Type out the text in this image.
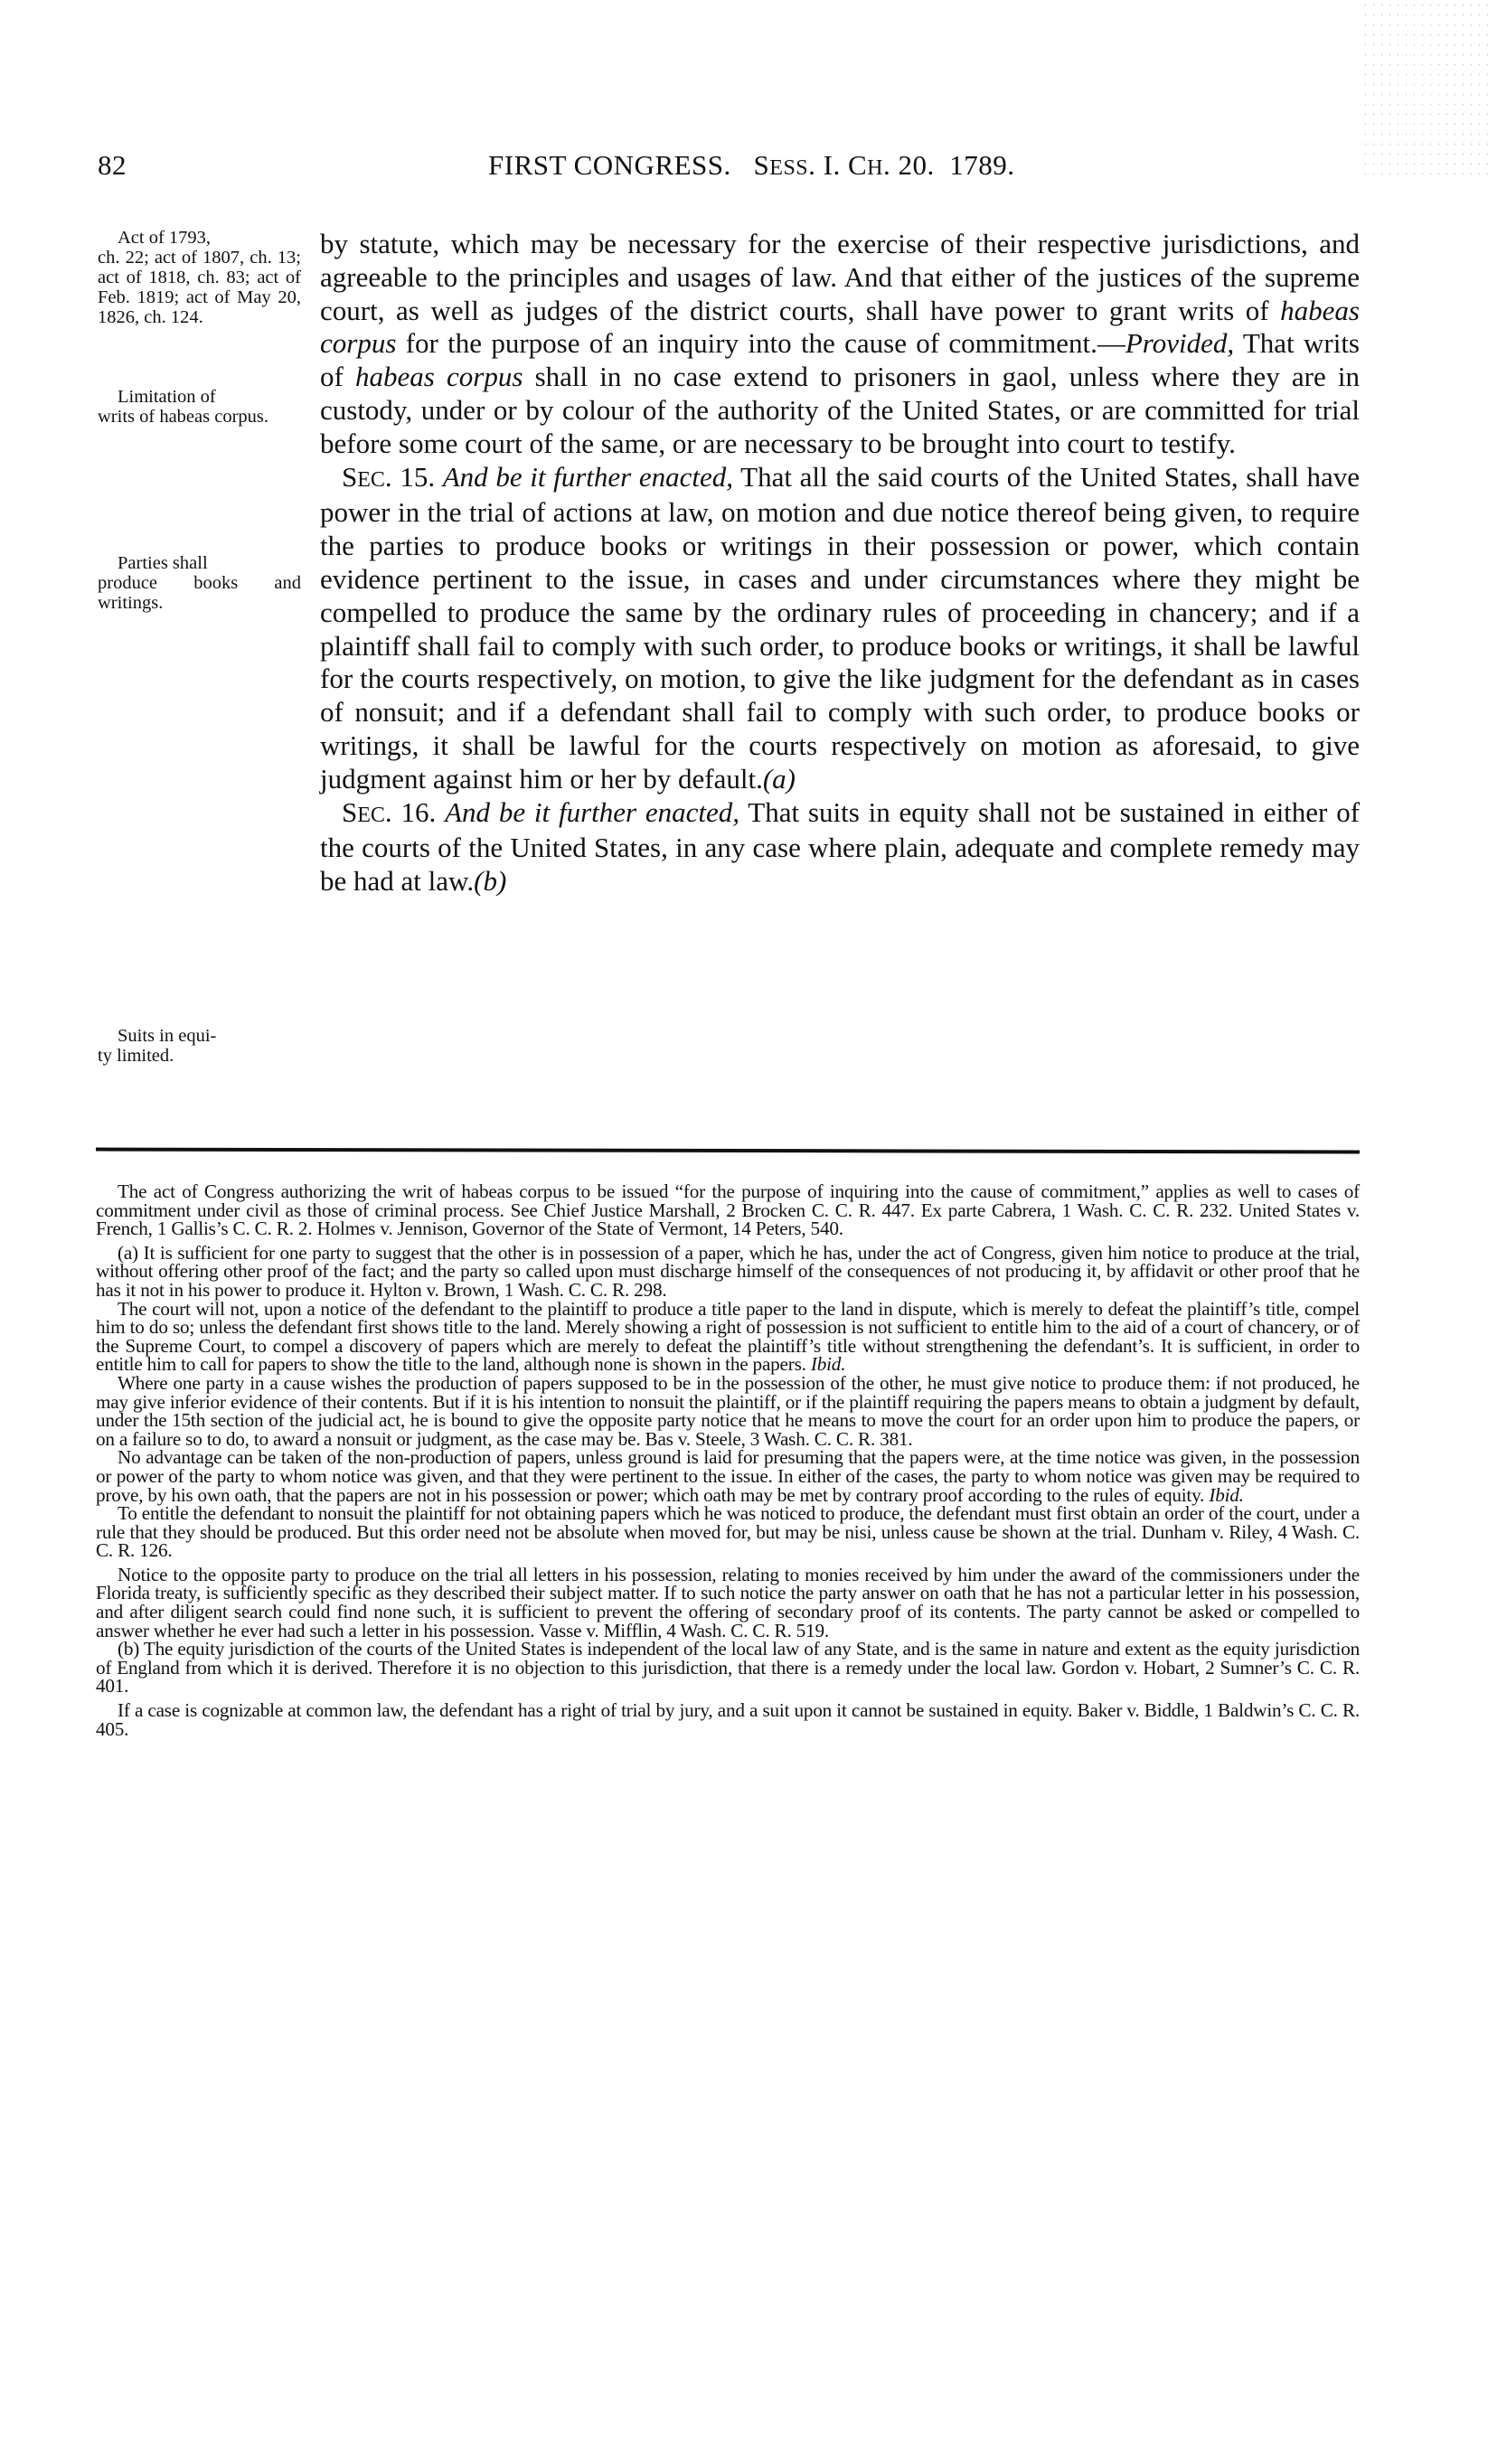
82	FIRST CONGRESS. SESS. I. CH. 20. 1789.
Act of 1793,
ch. 22; act of 1807, ch. 13; act of 1818, ch. 83; act of Feb. 1819; act of May 20, 1826, ch. 124.
Limitation of
writs of habeas corpus.
Parties shall
produce books and writings.
Suits in equi-
ty limited.

by statute, which may be necessary for the exercise of their respective jurisdictions, and agreeable to the principles and usages of law. And that either of the justices of the supreme court, as well as judges of the district courts, shall have power to grant writs of habeas corpus for the purpose of an inquiry into the cause of commitment.—Provided, That writs of habeas corpus shall in no case extend to prisoners in gaol, unless where they are in custody, under or by colour of the authority of the United States, or are committed for trial before some court of the same, or are necessary to be brought into court to testify.

SEC. 15. And be it further enacted, That all the said courts of the United States, shall have power in the trial of actions at law, on motion and due notice thereof being given, to require the parties to produce books or writings in their possession or power, which contain evidence pertinent to the issue, in cases and under circumstances where they might be compelled to produce the same by the ordinary rules of proceeding in chancery; and if a plaintiff shall fail to comply with such order, to produce books or writings, it shall be lawful for the courts respectively, on motion, to give the like judgment for the defendant as in cases of nonsuit; and if a defendant shall fail to comply with such order, to produce books or writings, it shall be lawful for the courts respectively on motion as aforesaid, to give judgment against him or her by default.(a)

SEC. 16. And be it further enacted, That suits in equity shall not be sustained in either of the courts of the United States, in any case where plain, adequate and complete remedy may be had at law.(b)

The act of Congress authorizing the writ of habeas corpus to be issued “for the purpose of inquiring into the cause of commitment,” applies as well to cases of commitment under civil as those of criminal process. See Chief Justice Marshall, 2 Brocken C. C. R. 447. Ex parte Cabrera, 1 Wash. C. C. R. 232. United States v. French, 1 Gallis’s C. C. R. 2. Holmes v. Jennison, Governor of the State of Vermont, 14 Peters, 540.

(a) It is sufficient for one party to suggest that the other is in possession of a paper, which he has, under the act of Congress, given him notice to produce at the trial, without offering other proof of the fact; and the party so called upon must discharge himself of the consequences of not producing it, by affidavit or other proof that he has it not in his power to produce it. Hylton v. Brown, 1 Wash. C. C. R. 298.

The court will not, upon a notice of the defendant to the plaintiff to produce a title paper to the land in dispute, which is merely to defeat the plaintiff’s title, compel him to do so; unless the defendant first shows title to the land. Merely showing a right of possession is not sufficient to entitle him to the aid of a court of chancery, or of the Supreme Court, to compel a discovery of papers which are merely to defeat the plaintiff’s title without strengthening the defendant’s. It is sufficient, in order to entitle him to call for papers to show the title to the land, although none is shown in the papers. Ibid.

Where one party in a cause wishes the production of papers supposed to be in the possession of the other, he must give notice to produce them: if not produced, he may give inferior evidence of their contents. But if it is his intention to nonsuit the plaintiff, or if the plaintiff requiring the papers means to obtain a judgment by default, under the 15th section of the judicial act, he is bound to give the opposite party notice that he means to move the court for an order upon him to produce the papers, or on a failure so to do, to award a nonsuit or judgment, as the case may be. Bas v. Steele, 3 Wash. C. C. R. 381.

No advantage can be taken of the non-production of papers, unless ground is laid for presuming that the papers were, at the time notice was given, in the possession or power of the party to whom notice was given, and that they were pertinent to the issue. In either of the cases, the party to whom notice was given may be required to prove, by his own oath, that the papers are not in his possession or power; which oath may be met by contrary proof according to the rules of equity. Ibid.

To entitle the defendant to nonsuit the plaintiff for not obtaining papers which he was noticed to produce, the defendant must first obtain an order of the court, under a rule that they should be produced. But this order need not be absolute when moved for, but may be nisi, unless cause be shown at the trial. Dunham v. Riley, 4 Wash. C. C. R. 126.

Notice to the opposite party to produce on the trial all letters in his possession, relating to monies received by him under the award of the commissioners under the Florida treaty, is sufficiently specific as they described their subject matter. If to such notice the party answer on oath that he has not a particular letter in his possession, and after diligent search could find none such, it is sufficient to prevent the offering of secondary proof of its contents. The party cannot be asked or compelled to answer whether he ever had such a letter in his possession. Vasse v. Mifflin, 4 Wash. C. C. R. 519.

(b) The equity jurisdiction of the courts of the United States is independent of the local law of any State, and is the same in nature and extent as the equity jurisdiction of England from which it is derived. Therefore it is no objection to this jurisdiction, that there is a remedy under the local law. Gordon v. Hobart, 2 Sumner’s C. C. R. 401.

If a case is cognizable at common law, the defendant has a right of trial by jury, and a suit upon it cannot be sustained in equity. Baker v. Biddle, 1 Baldwin’s C. C. R. 405.
